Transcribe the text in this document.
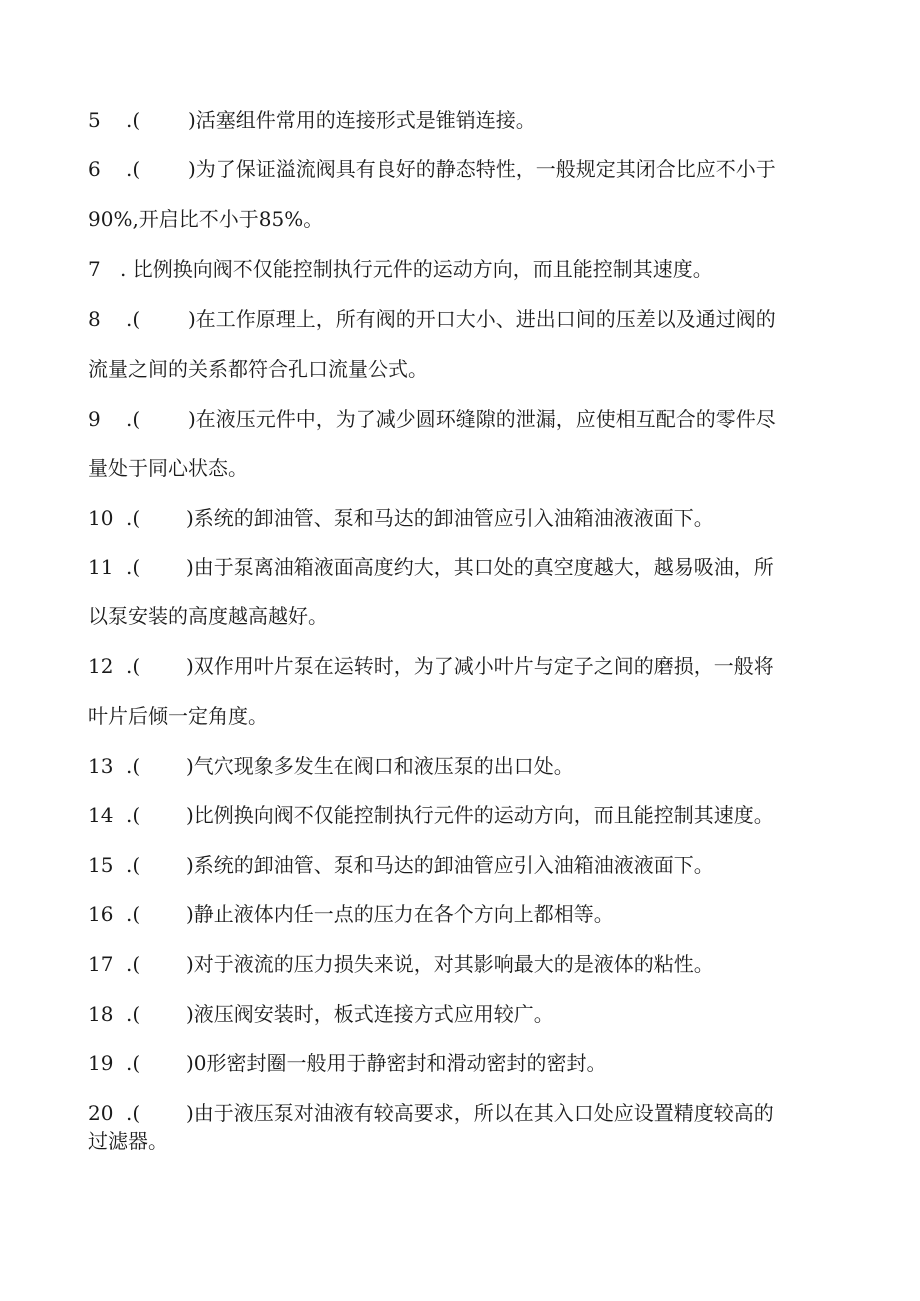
5 .( )活塞组件常用的连接形式是锥销连接。
6 .( )为了保证溢流阀具有良好的静态特性，一般规定其闭合比应不小于
90%,开启比不小于85%。
7 . 比例换向阀不仅能控制执行元件的运动方向，而且能控制其速度。
8 .( )在工作原理上，所有阀的开口大小、进出口间的压差以及通过阀的
流量之间的关系都符合孔口流量公式。
9 .( )在液压元件中，为了减少圆环缝隙的泄漏，应使相互配合的零件尽
量处于同心状态。
10 .( )系统的卸油管、泵和马达的卸油管应引入油箱油液液面下。
11 .( )由于泵离油箱液面高度约大，其口处的真空度越大，越易吸油，所
以泵安装的高度越高越好。
12 .( )双作用叶片泵在运转时，为了减小叶片与定子之间的磨损，一般将
叶片后倾一定角度。
13 .( )气穴现象多发生在阀口和液压泵的出口处。
14 .( )比例换向阀不仅能控制执行元件的运动方向，而且能控制其速度。
15 .( )系统的卸油管、泵和马达的卸油管应引入油箱油液液面下。
16 .( )静止液体内任一点的压力在各个方向上都相等。
17 .( )对于液流的压力损失来说，对其影响最大的是液体的粘性。
18 .( )液压阀安装时，板式连接方式应用较广。
19 .( )0形密封圈一般用于静密封和滑动密封的密封。
20 .( )由于液压泵对油液有较高要求，所以在其入口处应设置精度较高的
过滤器。
